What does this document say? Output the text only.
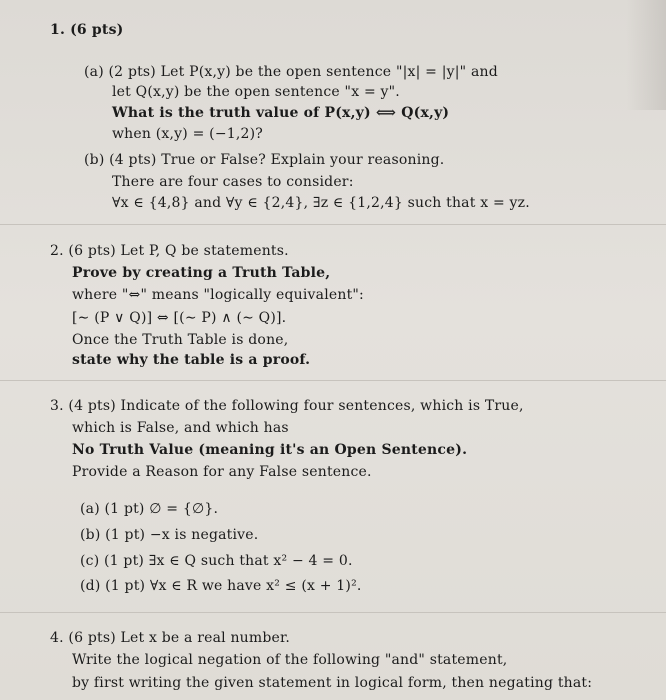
1. (6 pts)
(a) (2 pts) Let P(x,y) be the open sentence "|x| = |y|" and
let Q(x,y) be the open sentence "x = y".
What is the truth value of P(x,y) ⟺ Q(x,y)
when (x,y) = (−1,2)?
(b) (4 pts) True or False? Explain your reasoning.
There are four cases to consider:
∀x ∈ {4,8} and ∀y ∈ {2,4}, ∃z ∈ {1,2,4} such that x = yz.
2. (6 pts) Let P, Q be statements.
Prove by creating a Truth Table,
where "⇔" means "logically equivalent":
[∼ (P ∨ Q)] ⇔ [(∼ P) ∧ (∼ Q)].
Once the Truth Table is done,
state why the table is a proof.
3. (4 pts) Indicate of the following four sentences, which is True,
which is False, and which has
No Truth Value (meaning it's an Open Sentence).
Provide a Reason for any False sentence.
(a) (1 pt) ∅ = {∅}.
(b) (1 pt) −x is negative.
(c) (1 pt) ∃x ∈ Q such that x² − 4 = 0.
(d) (1 pt) ∀x ∈ R we have x² ≤ (x + 1)².
4. (6 pts) Let x be a real number.
Write the logical negation of the following "and" statement,
by first writing the given statement in logical form, then negating that:
